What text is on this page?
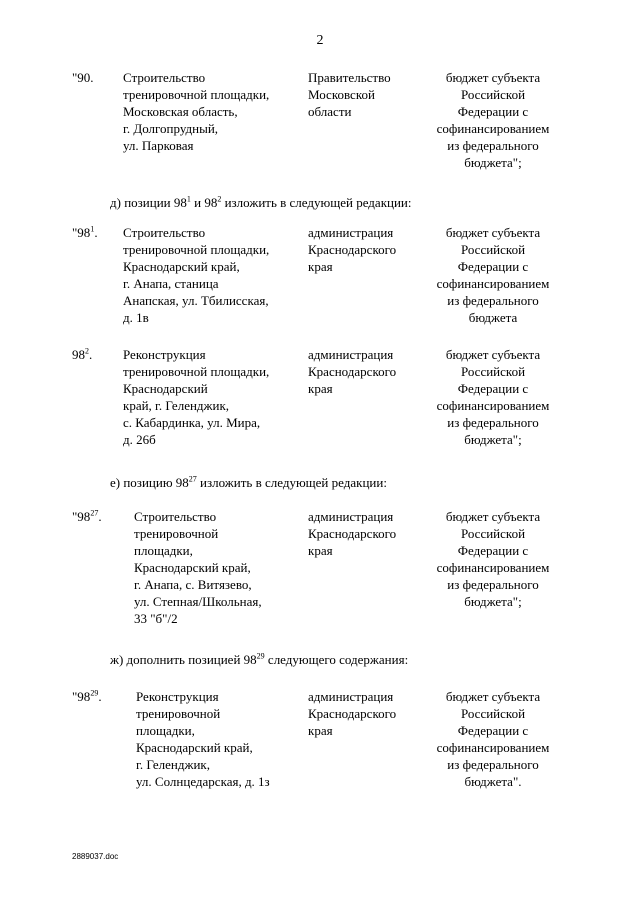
2
"90. Строительство
тренировочной площадки,
Московская область,
г. Долгопрудный,
ул. Парковая
Правительство
Московской
области
бюджет субъекта
Российской
Федерации с
софинансированием
из федерального
бюджета";
д) позиции $98^1$ и $98^2$ изложить в следующей редакции:
"$98^1$. Строительство
тренировочной площадки,
Краснодарский край,
г. Анапа, станица
Анапская, ул. Тбилисская,
д. 1в
администрация
Краснодарского
края
бюджет субъекта
Российской
Федерации с
софинансированием
из федерального
бюджета
$98^2$. Реконструкция
тренировочной площадки,
Краснодарский
край, г. Геленджик,
с. Кабардинка, ул. Мира,
д. 26б
администрация
Краснодарского
края
бюджет субъекта
Российской
Федерации с
софинансированием
из федерального
бюджета";
е) позицию $98^{27}$ изложить в следующей редакции:
"$98^{27}$. Строительство
тренировочной
площадки,
Краснодарский край,
г. Анапа, с. Витязево,
ул. Степная/Школьная,
33 "б"/2
администрация
Краснодарского
края
бюджет субъекта
Российской
Федерации с
софинансированием
из федерального
бюджета";
ж) дополнить позицией $98^{29}$ следующего содержания:
"$98^{29}$.	Реконструкция
тренировочной
площадки,
Краснодарский край,
г. Геленджик,
ул. Солнцедарская, д. 1з
администрация
Краснодарского
края
бюджет субъекта
Российской
Федерации с
софинансированием
из федерального
бюджета".
2889037.doc
